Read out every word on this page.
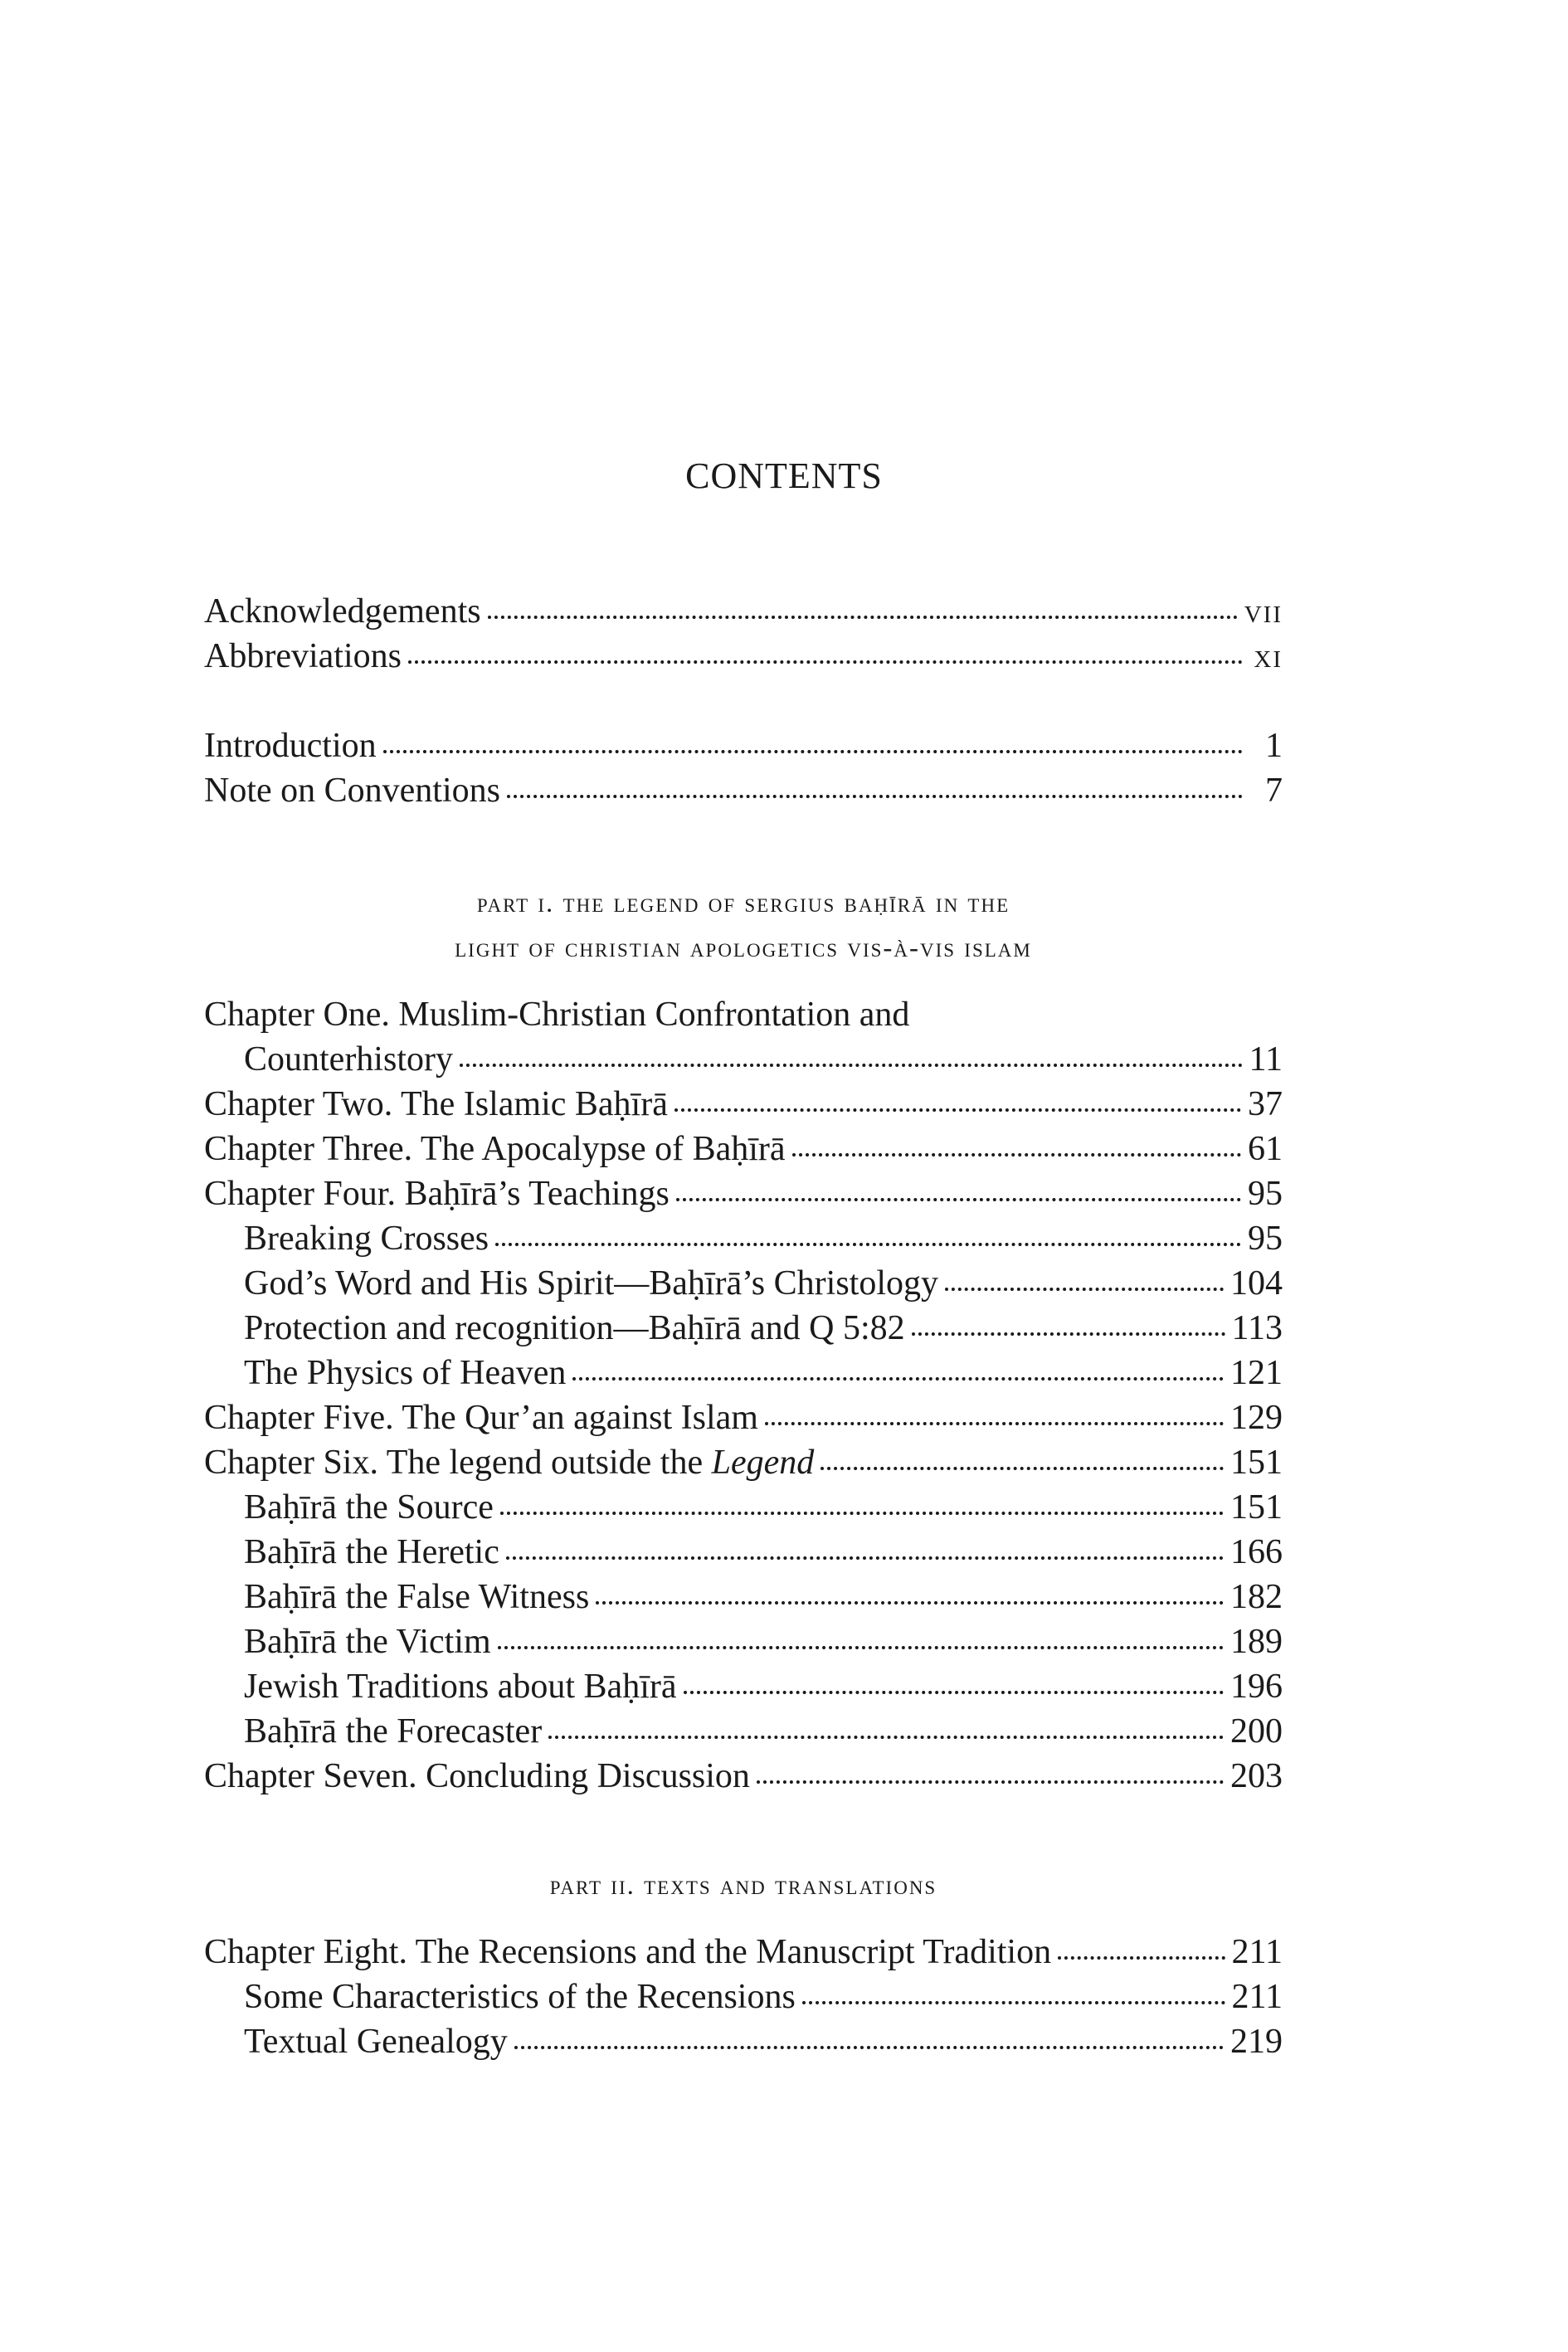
CONTENTS
Acknowledgements	vii
Abbreviations	xi
Introduction	1
Note on Conventions	7
part i. the legend of sergius baḥīrā in the
light of christian apologetics vis-à-vis islam
Chapter One. Muslim-Christian Confrontation and
Counterhistory	11
Chapter Two. The Islamic Baḥīrā	37
Chapter Three. The Apocalypse of Baḥīrā	61
Chapter Four. Baḥīrā’s Teachings	95
Breaking Crosses	95
God’s Word and His Spirit—Baḥīrā’s Christology	104
Protection and recognition—Baḥīrā and Q 5:82	113
The Physics of Heaven	121
Chapter Five. The Qur’an against Islam	129
Chapter Six. The legend outside the Legend	151
Baḥīrā the Source	151
Baḥīrā the Heretic	166
Baḥīrā the False Witness	182
Baḥīrā the Victim	189
Jewish Traditions about Baḥīrā	196
Baḥīrā the Forecaster	200
Chapter Seven. Concluding Discussion	203
part ii. texts and translations
Chapter Eight. The Recensions and the Manuscript Tradition	211
Some Characteristics of the Recensions	211
Textual Genealogy	219
